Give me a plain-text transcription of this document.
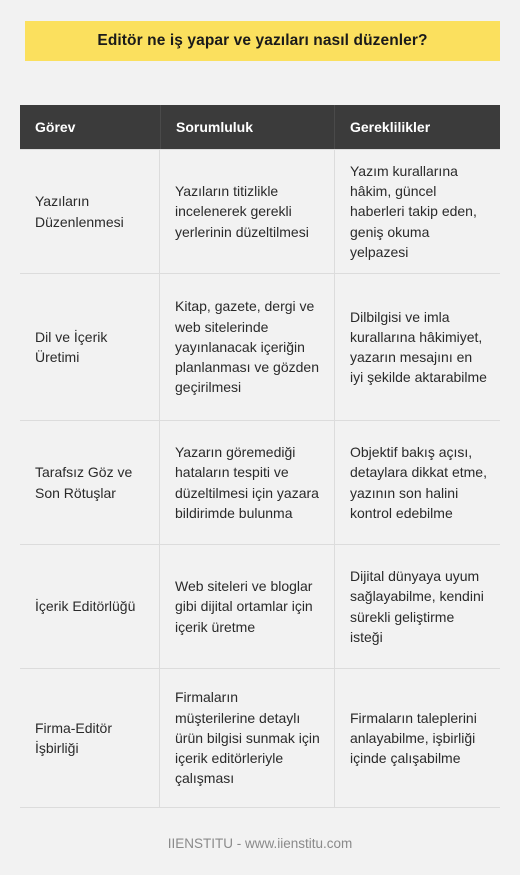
Editör ne iş yapar ve yazıları nasıl düzenler?
Görev	Sorumluluk	Gereklilikler
Yazıların Düzenlenmesi
Yazıların titizlikle incelenerek gerekli yerlerinin düzeltilmesi
Yazım kurallarına hâkim, güncel haberleri takip eden, geniş okuma yelpazesi
Dil ve İçerik Üretimi
Kitap, gazete, dergi ve web sitelerinde yayınlanacak içeriğin planlanması ve gözden geçirilmesi
Dilbilgisi ve imla kurallarına hâkimiyet, yazarın mesajını en iyi şekilde aktarabilme
Tarafsız Göz ve Son Rötuşlar
Yazarın göremediği hataların tespiti ve düzeltilmesi için yazara bildirimde bulunma
Objektif bakış açısı, detaylara dikkat etme, yazının son halini kontrol edebilme
İçerik Editörlüğü
Web siteleri ve bloglar gibi dijital ortamlar için içerik üretme
Dijital dünyaya uyum sağlayabilme, kendini sürekli geliştirme isteği
Firma-Editör İşbirliği
Firmaların müşterilerine detaylı ürün bilgisi sunmak için içerik editörleriyle çalışması
Firmaların taleplerini anlayabilme, işbirliği içinde çalışabilme
IIENSTITU - www.iienstitu.com
